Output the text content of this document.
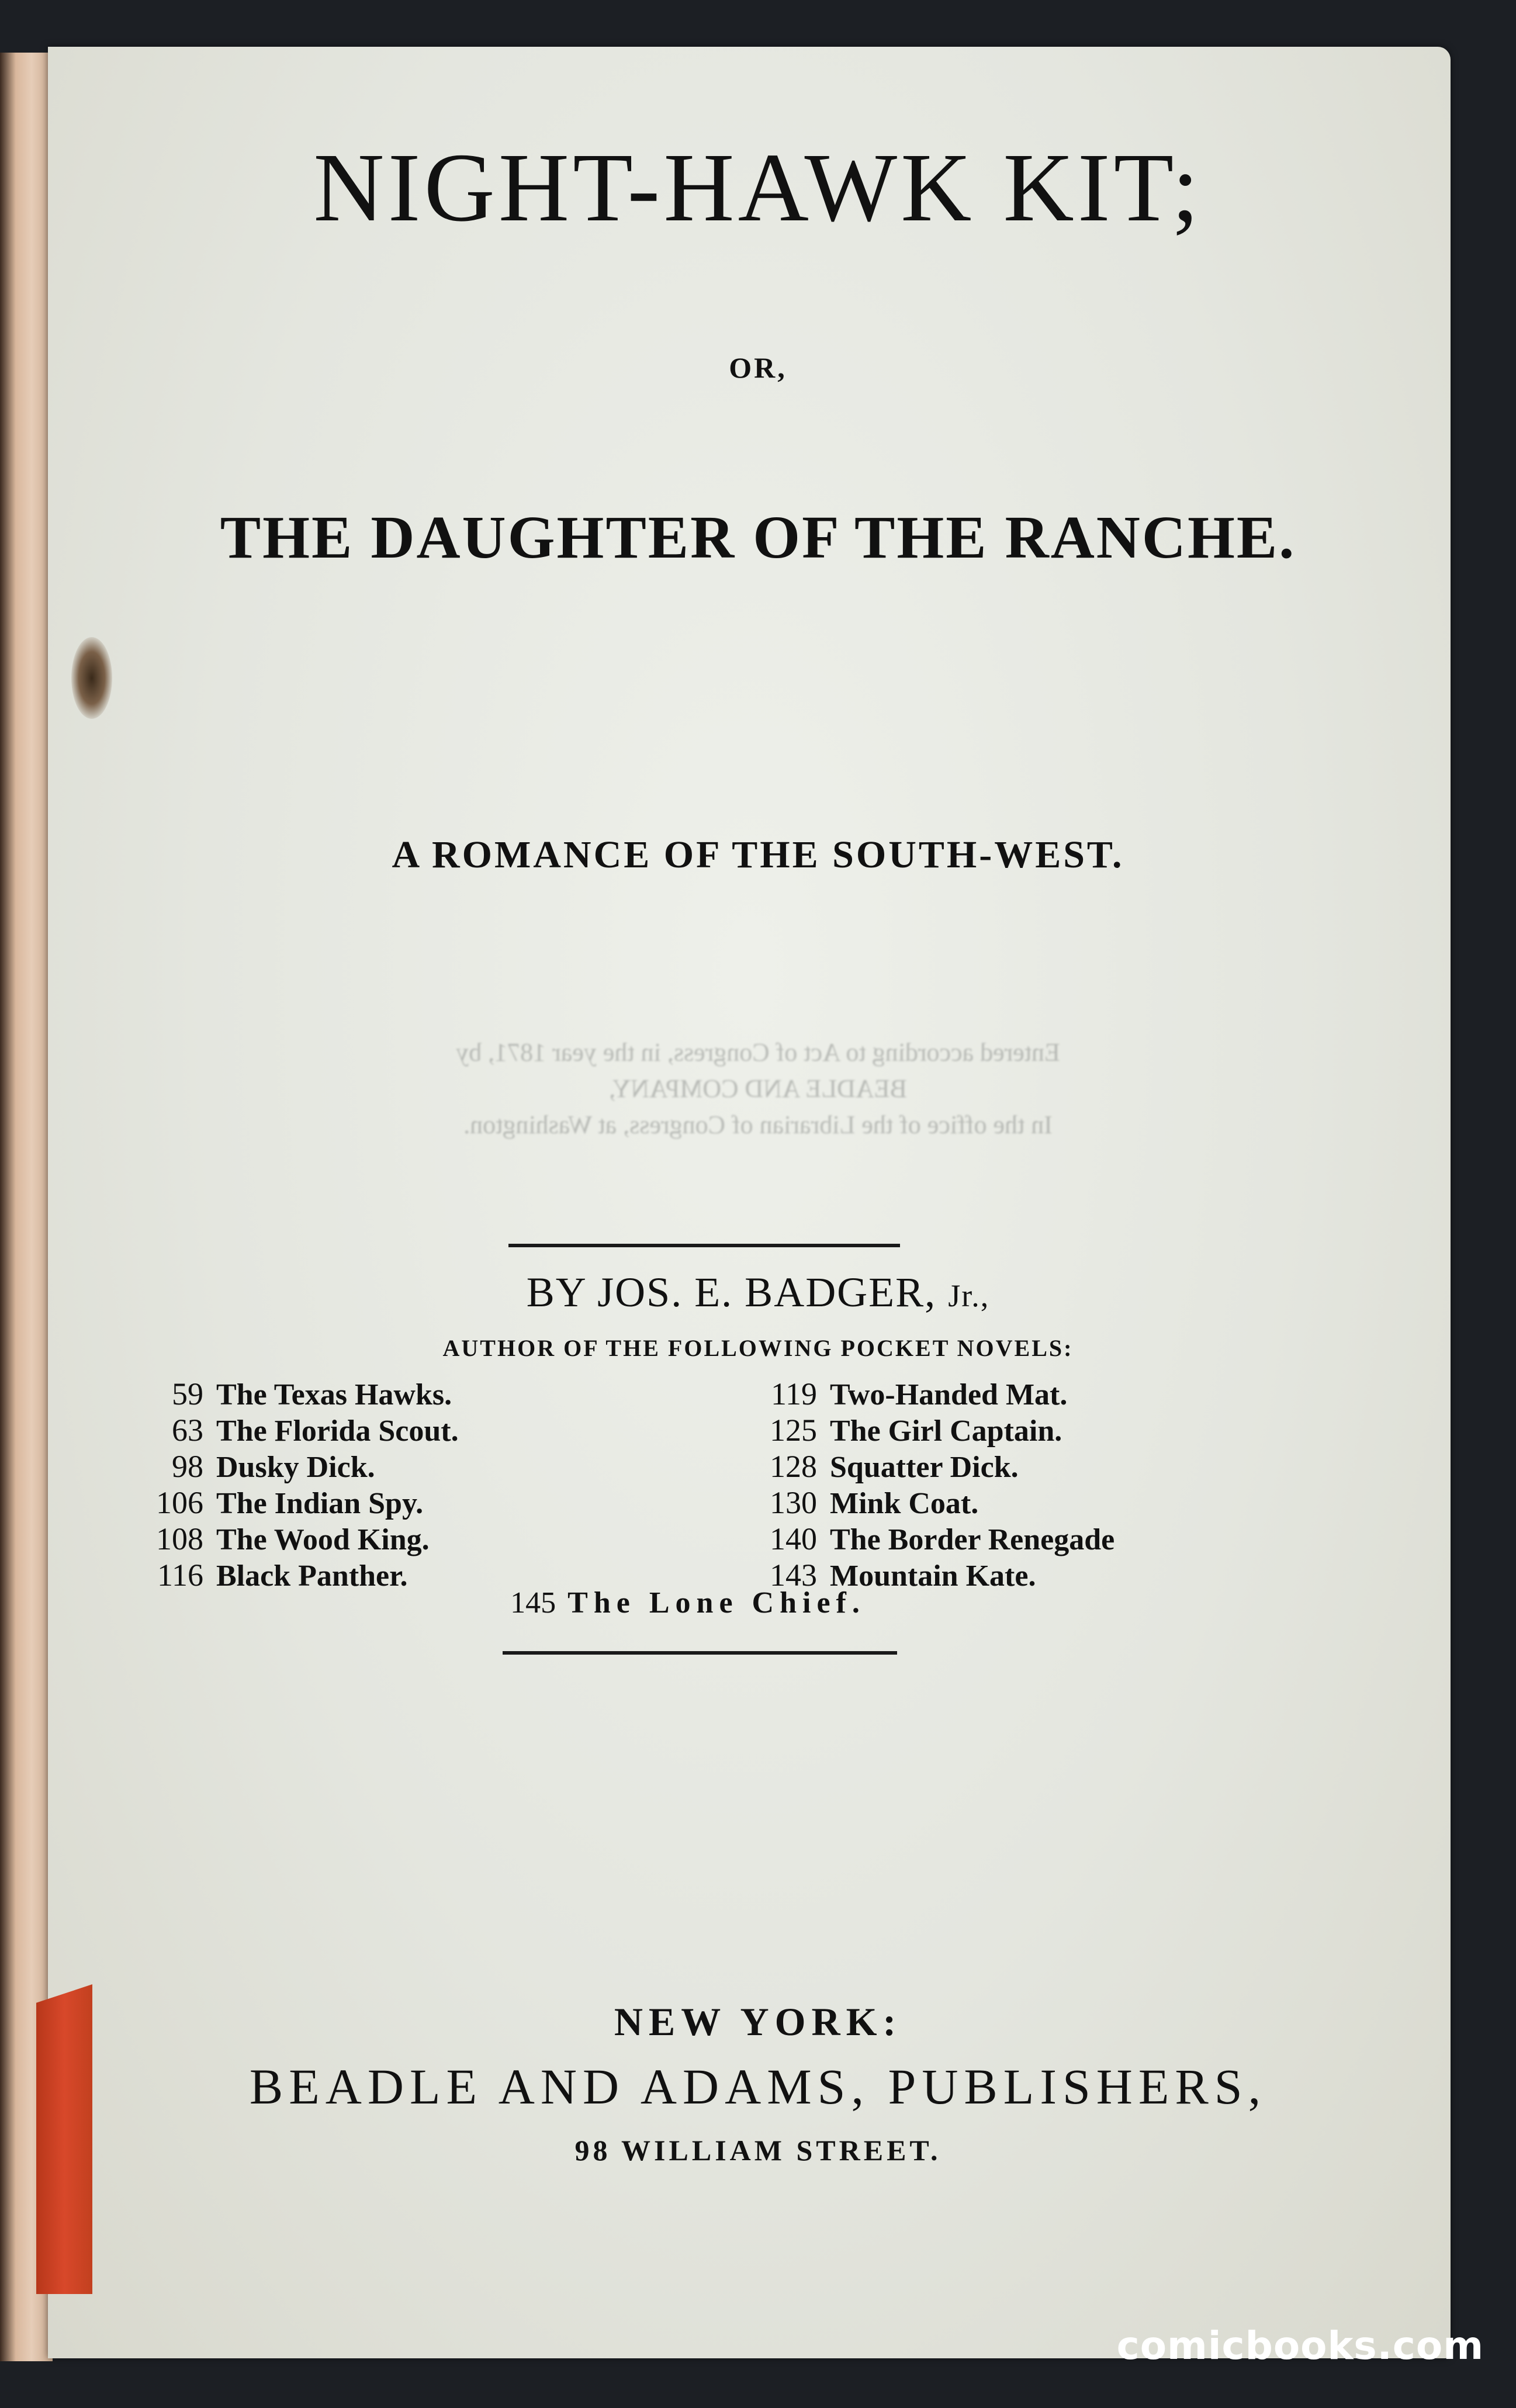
NIGHT-HAWK KIT;
OR,
THE DAUGHTER OF THE RANCHE.
A ROMANCE OF THE SOUTH-WEST.
Entered according to Act of Congress, in the year 1871, by
BEADLE AND COMPANY,
In the office of the Librarian of Congress, at Washington.
BY JOS. E. BADGER, Jr.,
AUTHOR OF THE FOLLOWING POCKET NOVELS:
59 The Texas Hawks.
63 The Florida Scout.
98 Dusky Dick.
106 The Indian Spy.
108 The Wood King.
116 Black Panther.
119 Two-Handed Mat.
125 The Girl Captain.
128 Squatter Dick.
130 Mink Coat.
140 The Border Renegade
143 Mountain Kate.
145 The Lone Chief.
NEW YORK:
BEADLE AND ADAMS, PUBLISHERS,
98 WILLIAM STREET.
comicbooks.com
